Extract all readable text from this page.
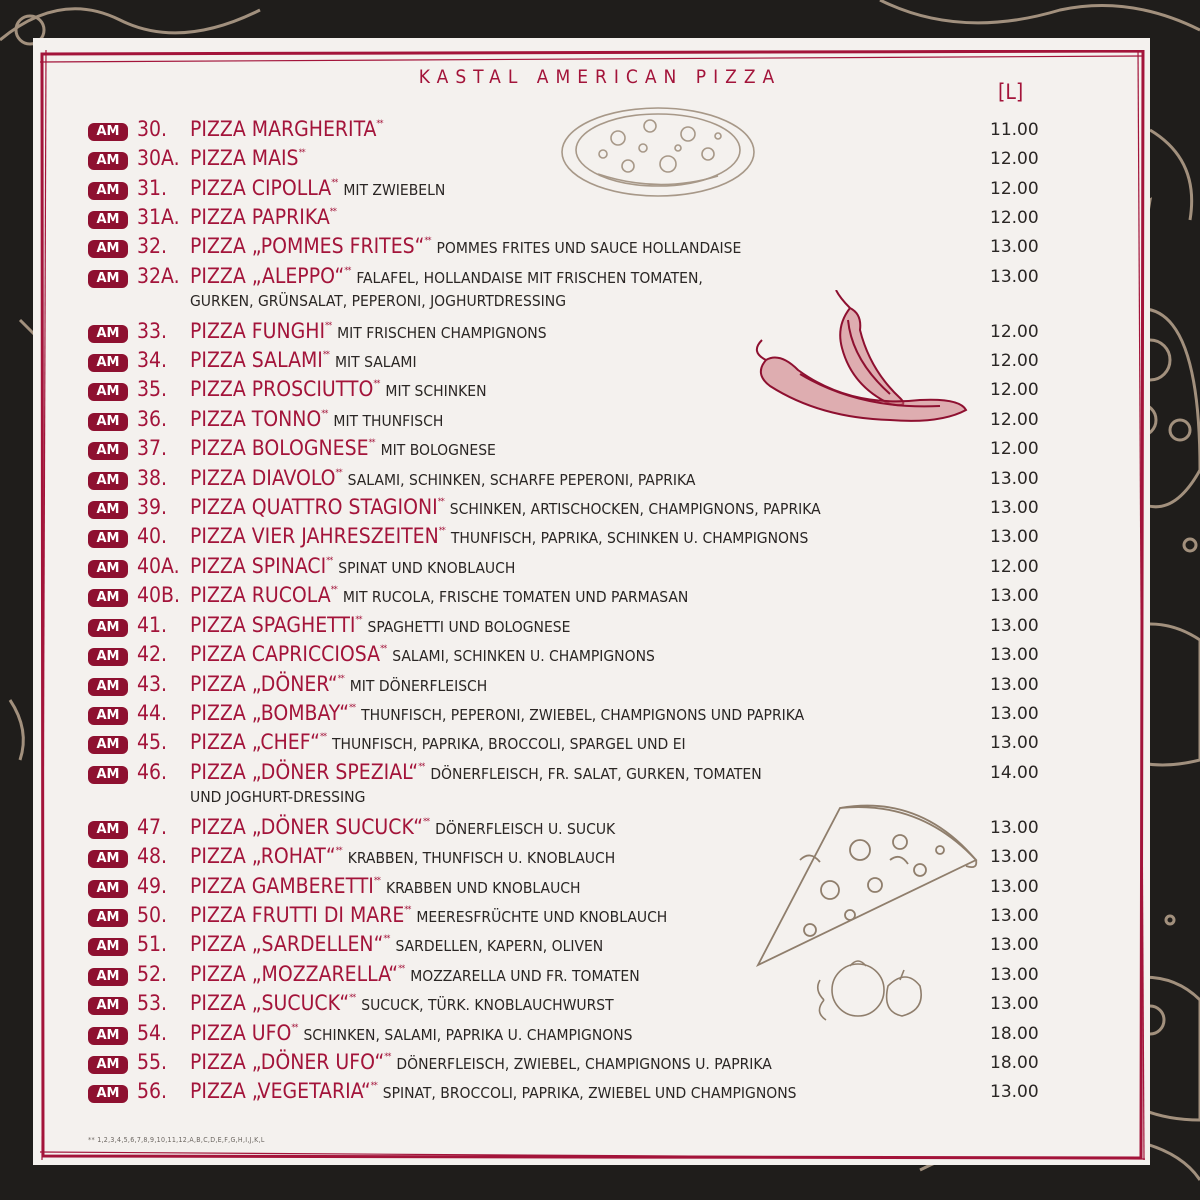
KASTAL AMERICAN PIZZA
[L]
AM 30. PIZZA MARGHERITA**	11.00
AM 30A. PIZZA MAIS**	12.00
AM 31. PIZZA CIPOLLA** MIT ZWIEBELN	12.00
AM 31A. PIZZA PAPRIKA**	12.00
AM 32. PIZZA „POMMES FRITES“** POMMES FRITES UND SAUCE HOLLANDAISE	13.00
AM 32A. PIZZA „ALEPPO“** FALAFEL, HOLLANDAISE MIT FRISCHEN TOMATEN,
GURKEN, GRÜNSALAT, PEPERONI, JOGHURTDRESSING
13.00
AM 33. PIZZA FUNGHI** MIT FRISCHEN CHAMPIGNONS	12.00
AM 34. PIZZA SALAMI** MIT SALAMI	12.00
AM 35. PIZZA PROSCIUTTO** MIT SCHINKEN	12.00
AM 36. PIZZA TONNO** MIT THUNFISCH	12.00
AM 37. PIZZA BOLOGNESE** MIT BOLOGNESE	12.00
AM 38. PIZZA DIAVOLO** SALAMI, SCHINKEN, SCHARFE PEPERONI, PAPRIKA	13.00
AM 39. PIZZA QUATTRO STAGIONI** SCHINKEN, ARTISCHOCKEN, CHAMPIGNONS, PAPRIKA	13.00
AM 40. PIZZA VIER JAHRESZEITEN** THUNFISCH, PAPRIKA, SCHINKEN U. CHAMPIGNONS	13.00
AM 40A. PIZZA SPINACI** SPINAT UND KNOBLAUCH	12.00
AM 40B. PIZZA RUCOLA** MIT RUCOLA, FRISCHE TOMATEN UND PARMASAN	13.00
AM 41. PIZZA SPAGHETTI** SPAGHETTI UND BOLOGNESE	13.00
AM 42. PIZZA CAPRICCIOSA** SALAMI, SCHINKEN U. CHAMPIGNONS	13.00
AM 43. PIZZA „DÖNER“** MIT DÖNERFLEISCH	13.00
AM 44. PIZZA „BOMBAY“** THUNFISCH, PEPERONI, ZWIEBEL, CHAMPIGNONS UND PAPRIKA	13.00
AM 45. PIZZA „CHEF“** THUNFISCH, PAPRIKA, BROCCOLI, SPARGEL UND EI	13.00
AM 46. PIZZA „DÖNER SPEZIAL“** DÖNERFLEISCH, FR. SALAT, GURKEN, TOMATEN
UND JOGHURT-DRESSING
14.00
AM 47. PIZZA „DÖNER SUCUCK“** DÖNERFLEISCH U. SUCUK	13.00
AM 48. PIZZA „ROHAT“** KRABBEN, THUNFISCH U. KNOBLAUCH	13.00
AM 49. PIZZA GAMBERETTI** KRABBEN UND KNOBLAUCH	13.00
AM 50. PIZZA FRUTTI DI MARE** MEERESFRÜCHTE UND KNOBLAUCH	13.00
AM 51. PIZZA „SARDELLEN“** SARDELLEN, KAPERN, OLIVEN	13.00
AM 52. PIZZA „MOZZARELLA“** MOZZARELLA UND FR. TOMATEN	13.00
AM 53. PIZZA „SUCUCK“** SUCUCK, TÜRK. KNOBLAUCHWURST	13.00
AM 54. PIZZA UFO** SCHINKEN, SALAMI, PAPRIKA U. CHAMPIGNONS	18.00
AM 55. PIZZA „DÖNER UFO“** DÖNERFLEISCH, ZWIEBEL, CHAMPIGNONS U. PAPRIKA	18.00
AM 56. PIZZA „VEGETARIA“** SPINAT, BROCCOLI, PAPRIKA, ZWIEBEL UND CHAMPIGNONS	13.00
** 1,2,3,4,5,6,7,8,9,10,11,12,A,B,C,D,E,F,G,H,I,J,K,L
